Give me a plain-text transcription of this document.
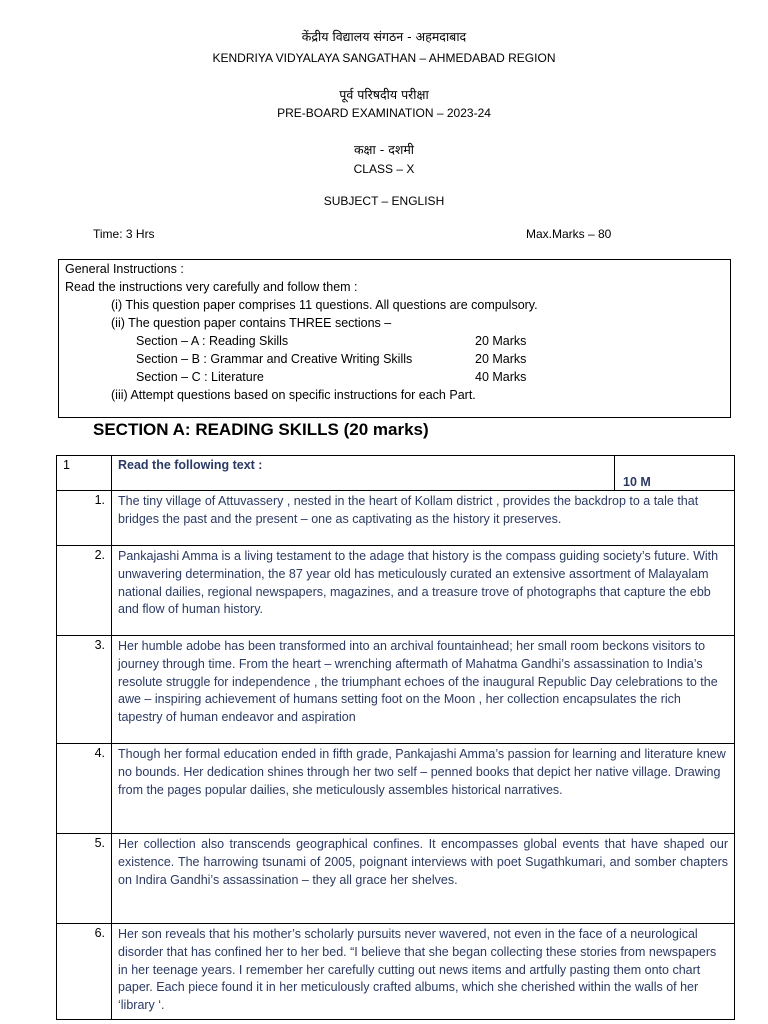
केंद्रीय विद्यालय संगठन - अहमदाबाद
KENDRIYA VIDYALAYA SANGATHAN – AHMEDABAD REGION
पूर्व परिषदीय परीक्षा
PRE-BOARD EXAMINATION – 2023-24
कक्षा - दशमी
CLASS – X
SUBJECT – ENGLISH
Time: 3 Hrs	Max.Marks – 80
General Instructions :
Read the instructions very carefully and follow them :
(i) This question paper comprises 11 questions. All questions are compulsory.
(ii) The question paper contains THREE sections –
Section – A : Reading Skills	20 Marks
Section – B : Grammar and Creative Writing Skills	20 Marks
Section – C : Literature	40 Marks
(iii) Attempt questions based on specific instructions for each Part.
SECTION A: READING SKILLS (20 marks)
1	Read the following text :	10 M
1.	The tiny village of Attuvassery , nested in the heart of Kollam district , provides the backdrop to a tale that bridges the past and the present – one as captivating as the history it preserves.	
2.	Pankajashi Amma is a living testament to the adage that history is the compass guiding society’s future. With unwavering determination, the 87 year old has meticulously curated an extensive assortment of Malayalam national dailies, regional newspapers, magazines, and a treasure trove of photographs that capture the ebb and flow of human history.	
3.	Her humble adobe has been transformed into an archival fountainhead; her small room beckons visitors to journey through time. From the heart – wrenching aftermath of Mahatma Gandhi’s assassination to India’s resolute struggle for independence , the triumphant echoes of the inaugural Republic Day celebrations to the awe – inspiring achievement of humans setting foot on the Moon , her collection encapsulates the rich tapestry of human endeavor and aspiration	
4.	Though her formal education ended in fifth grade, Pankajashi Amma’s passion for learning and literature knew no bounds. Her dedication shines through her two self – penned books that depict her native village. Drawing from the pages popular dailies, she meticulously assembles historical narratives.	
5.	Her collection also transcends geographical confines. It encompasses global events that have shaped our existence. The harrowing tsunami of 2005, poignant interviews with poet Sugathkumari, and somber chapters on Indira Gandhi’s assassination – they all grace her shelves.	
6.	Her son reveals that his mother’s scholarly pursuits never wavered, not even in the face of a neurological disorder that has confined her to her bed. “I believe that she began collecting these stories from newspapers in her teenage years. I remember her carefully cutting out news items and artfully pasting them onto chart paper. Each piece found it in her meticulously crafted albums, which she cherished within the walls of her ‘library ‘.	
